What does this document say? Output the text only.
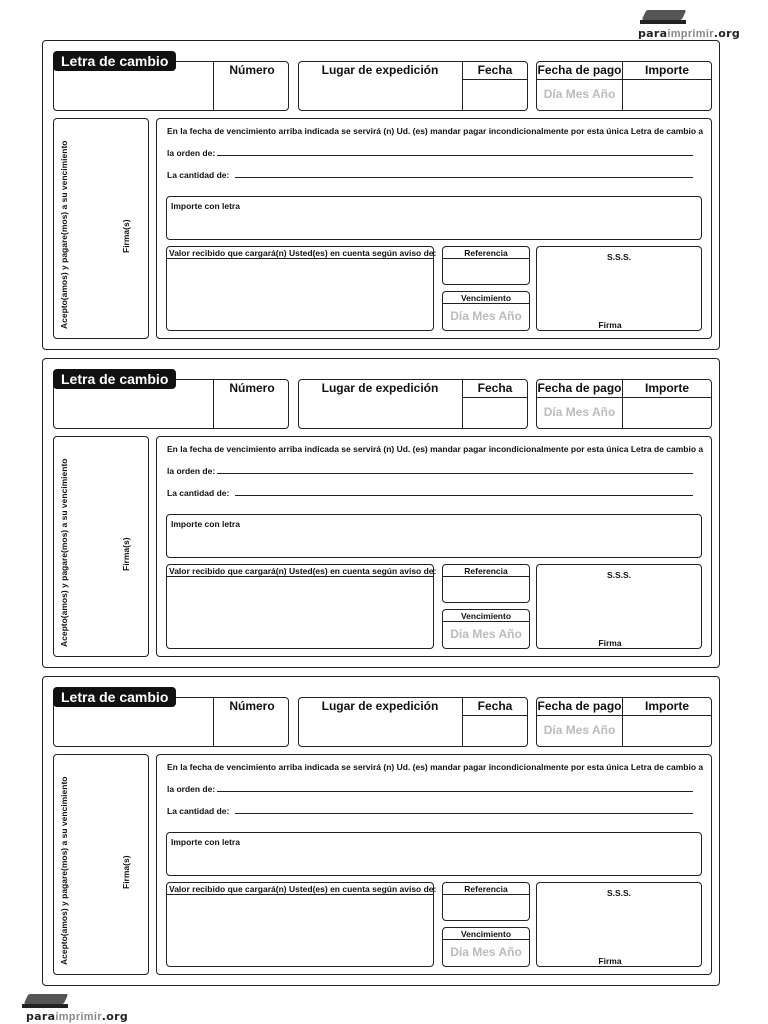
paraimprimir.org
Letra de cambio
Número	Lugar de expedición	Fecha	Fecha de pago	Importe
Día Mes Año
Acepto(amos) y pagare(mos) a su vencimiento	Firma(s)
En la fecha de vencimiento arriba indicada se servirá (n) Ud. (es) mandar pagar incondicionalmente por esta única Letra de cambio a
la orden de:
La cantidad de:
Importe con letra
Valor recibido que cargará(n) Usted(es) en cuenta según aviso de:	Referencia
Vencimiento
Día Mes Año
S.S.S.
Firma
Letra de cambio
Número	Lugar de expedición	Fecha	Fecha de pago	Importe
Día Mes Año
Acepto(amos) y pagare(mos) a su vencimiento	Firma(s)
En la fecha de vencimiento arriba indicada se servirá (n) Ud. (es) mandar pagar incondicionalmente por esta única Letra de cambio a
la orden de:
La cantidad de:
Importe con letra
Valor recibido que cargará(n) Usted(es) en cuenta según aviso de:	Referencia
Vencimiento
Día Mes Año
S.S.S.
Firma
Letra de cambio
Número	Lugar de expedición	Fecha	Fecha de pago	Importe
Día Mes Año
Acepto(amos) y pagare(mos) a su vencimiento	Firma(s)
En la fecha de vencimiento arriba indicada se servirá (n) Ud. (es) mandar pagar incondicionalmente por esta única Letra de cambio a
la orden de:
La cantidad de:
Importe con letra
Valor recibido que cargará(n) Usted(es) en cuenta según aviso de:	Referencia
Vencimiento
Día Mes Año
S.S.S.
Firma
paraimprimir.org
